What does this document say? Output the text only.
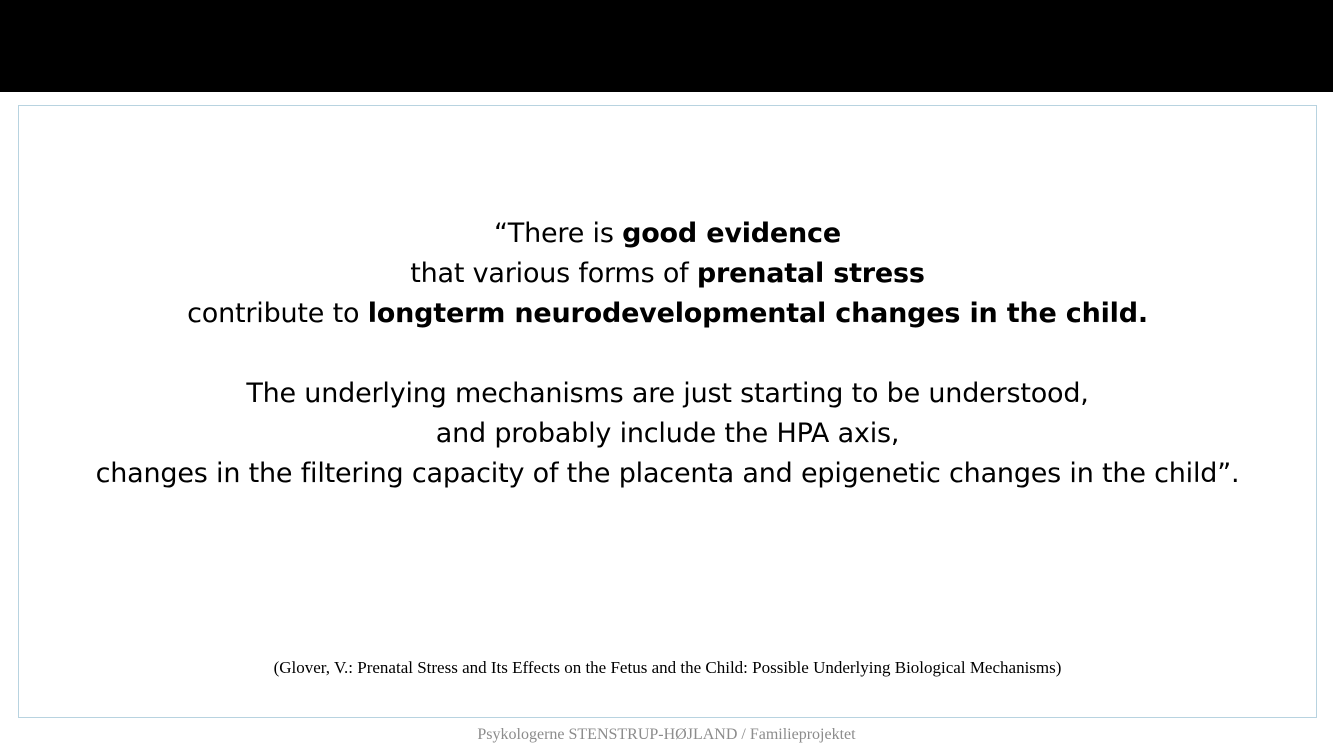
“There is good evidence
that various forms of prenatal stress
contribute to longterm neurodevelopmental changes in the child.
The underlying mechanisms are just starting to be understood,
and probably include the HPA axis,
changes in the filtering capacity of the placenta and epigenetic changes in the child”.
(Glover, V.: Prenatal Stress and Its Effects on the Fetus and the Child: Possible Underlying Biological Mechanisms)
Psykologerne STENSTRUP-HØJLAND / Familieprojektet
